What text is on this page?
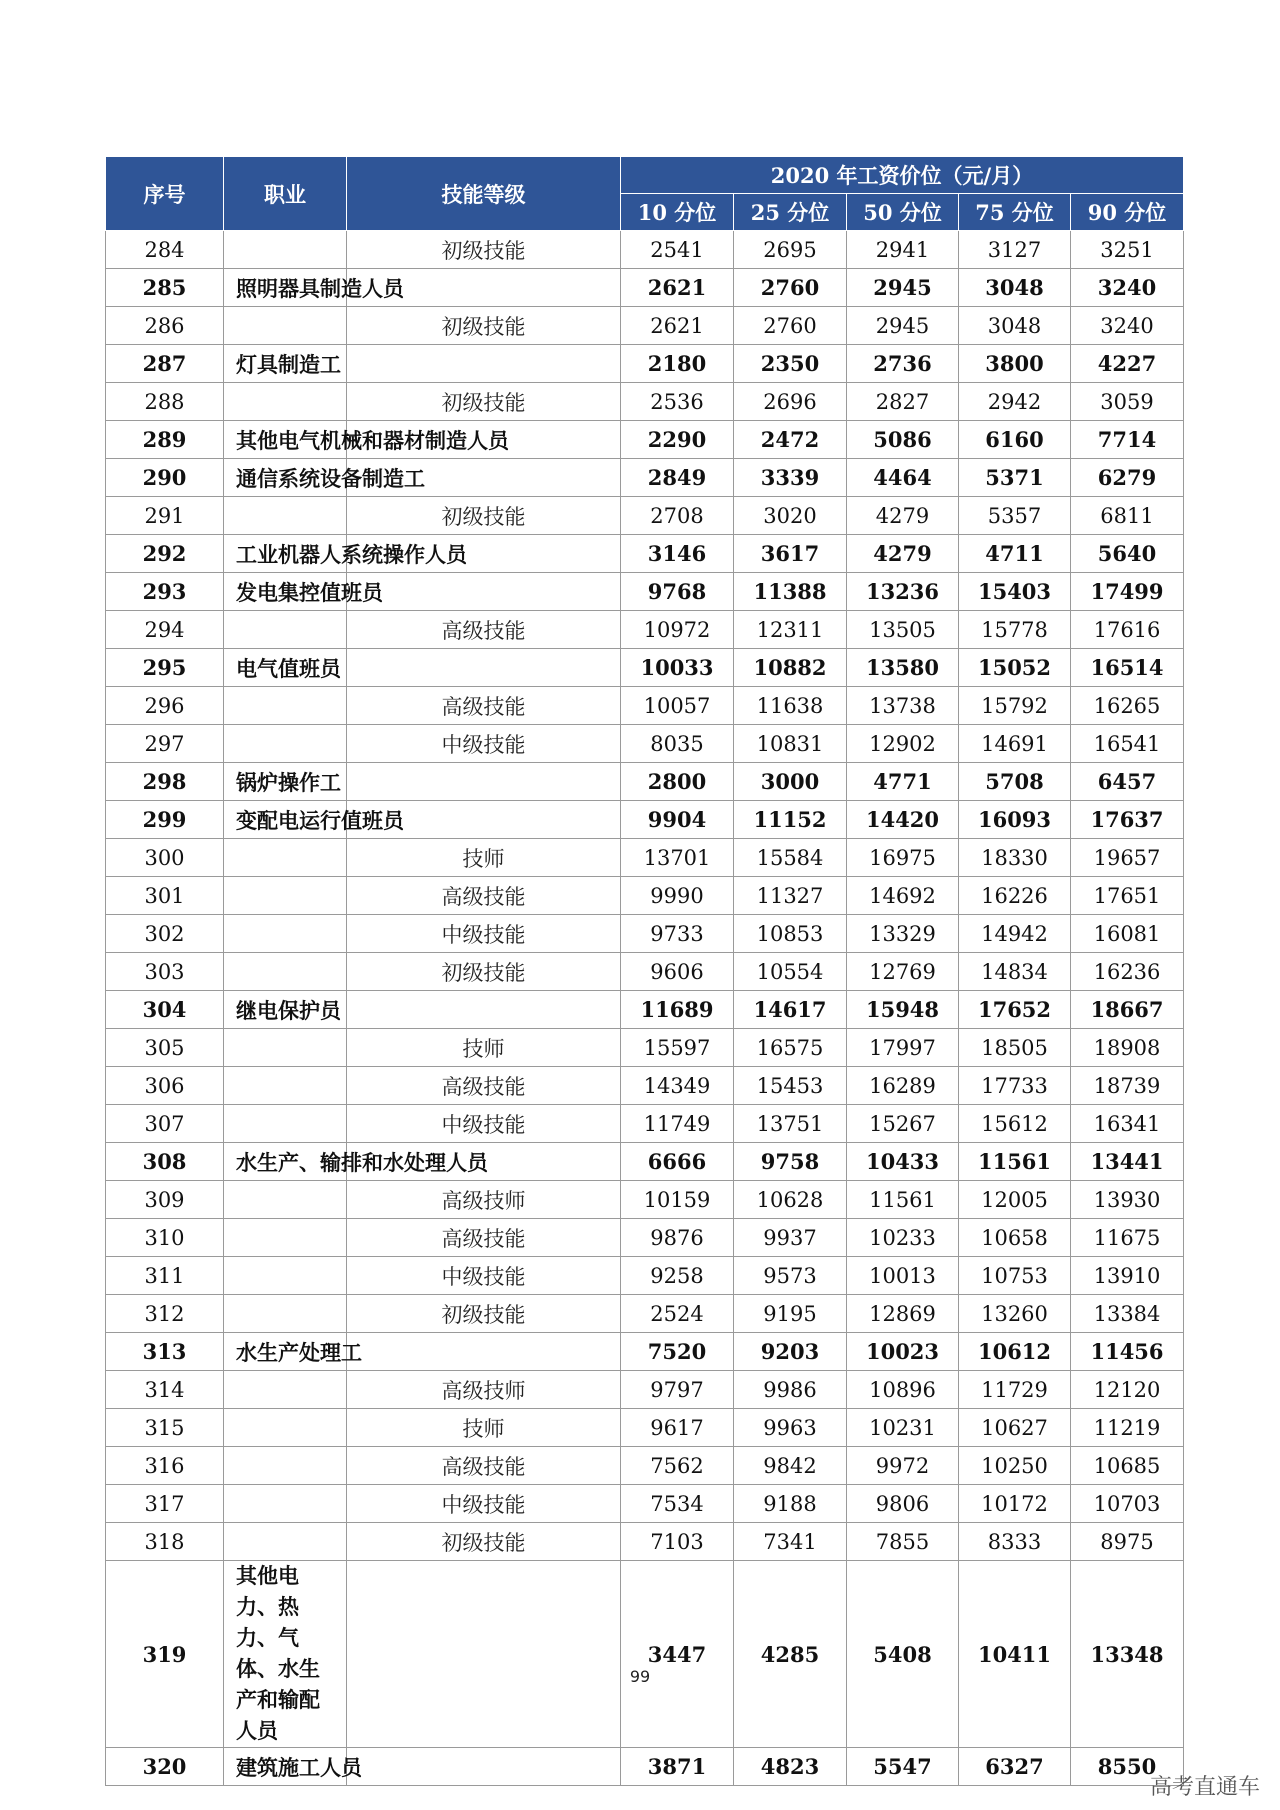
序号	职业	技能等级	2020 年工资价位（元/月）				
			10 分位	25 分位	50 分位	75 分位	90 分位
284		初级技能	2541	2695	2941	3127	3251
285	照明器具制造人员		2621	2760	2945	3048	3240
286		初级技能	2621	2760	2945	3048	3240
287	灯具制造工		2180	2350	2736	3800	4227
288		初级技能	2536	2696	2827	2942	3059
289	其他电气机械和器材制造人员		2290	2472	5086	6160	7714
290	通信系统设备制造工		2849	3339	4464	5371	6279
291		初级技能	2708	3020	4279	5357	6811
292	工业机器人系统操作人员		3146	3617	4279	4711	5640
293	发电集控值班员		9768	11388	13236	15403	17499
294		高级技能	10972	12311	13505	15778	17616
295	电气值班员		10033	10882	13580	15052	16514
296		高级技能	10057	11638	13738	15792	16265
297		中级技能	8035	10831	12902	14691	16541
298	锅炉操作工		2800	3000	4771	5708	6457
299	变配电运行值班员		9904	11152	14420	16093	17637
300		技师	13701	15584	16975	18330	19657
301		高级技能	9990	11327	14692	16226	17651
302		中级技能	9733	10853	13329	14942	16081
303		初级技能	9606	10554	12769	14834	16236
304	继电保护员		11689	14617	15948	17652	18667
305		技师	15597	16575	17997	18505	18908
306		高级技能	14349	15453	16289	17733	18739
307		中级技能	11749	13751	15267	15612	16341
308	水生产、输排和水处理人员		6666	9758	10433	11561	13441
309		高级技师	10159	10628	11561	12005	13930
310		高级技能	9876	9937	10233	10658	11675
311		中级技能	9258	9573	10013	10753	13910
312		初级技能	2524	9195	12869	13260	13384
313	水生产处理工		7520	9203	10023	10612	11456
314		高级技师	9797	9986	10896	11729	12120
315		技师	9617	9963	10231	10627	11219
316		高级技能	7562	9842	9972	10250	10685
317		中级技能	7534	9188	9806	10172	10703
318		初级技能	7103	7341	7855	8333	8975
319	其他电力、热力、气体、水生产和输配人员		3447	4285	5408	10411	13348
320	建筑施工人员		3871	4823	5547	6327	8550
99
高考直通车
